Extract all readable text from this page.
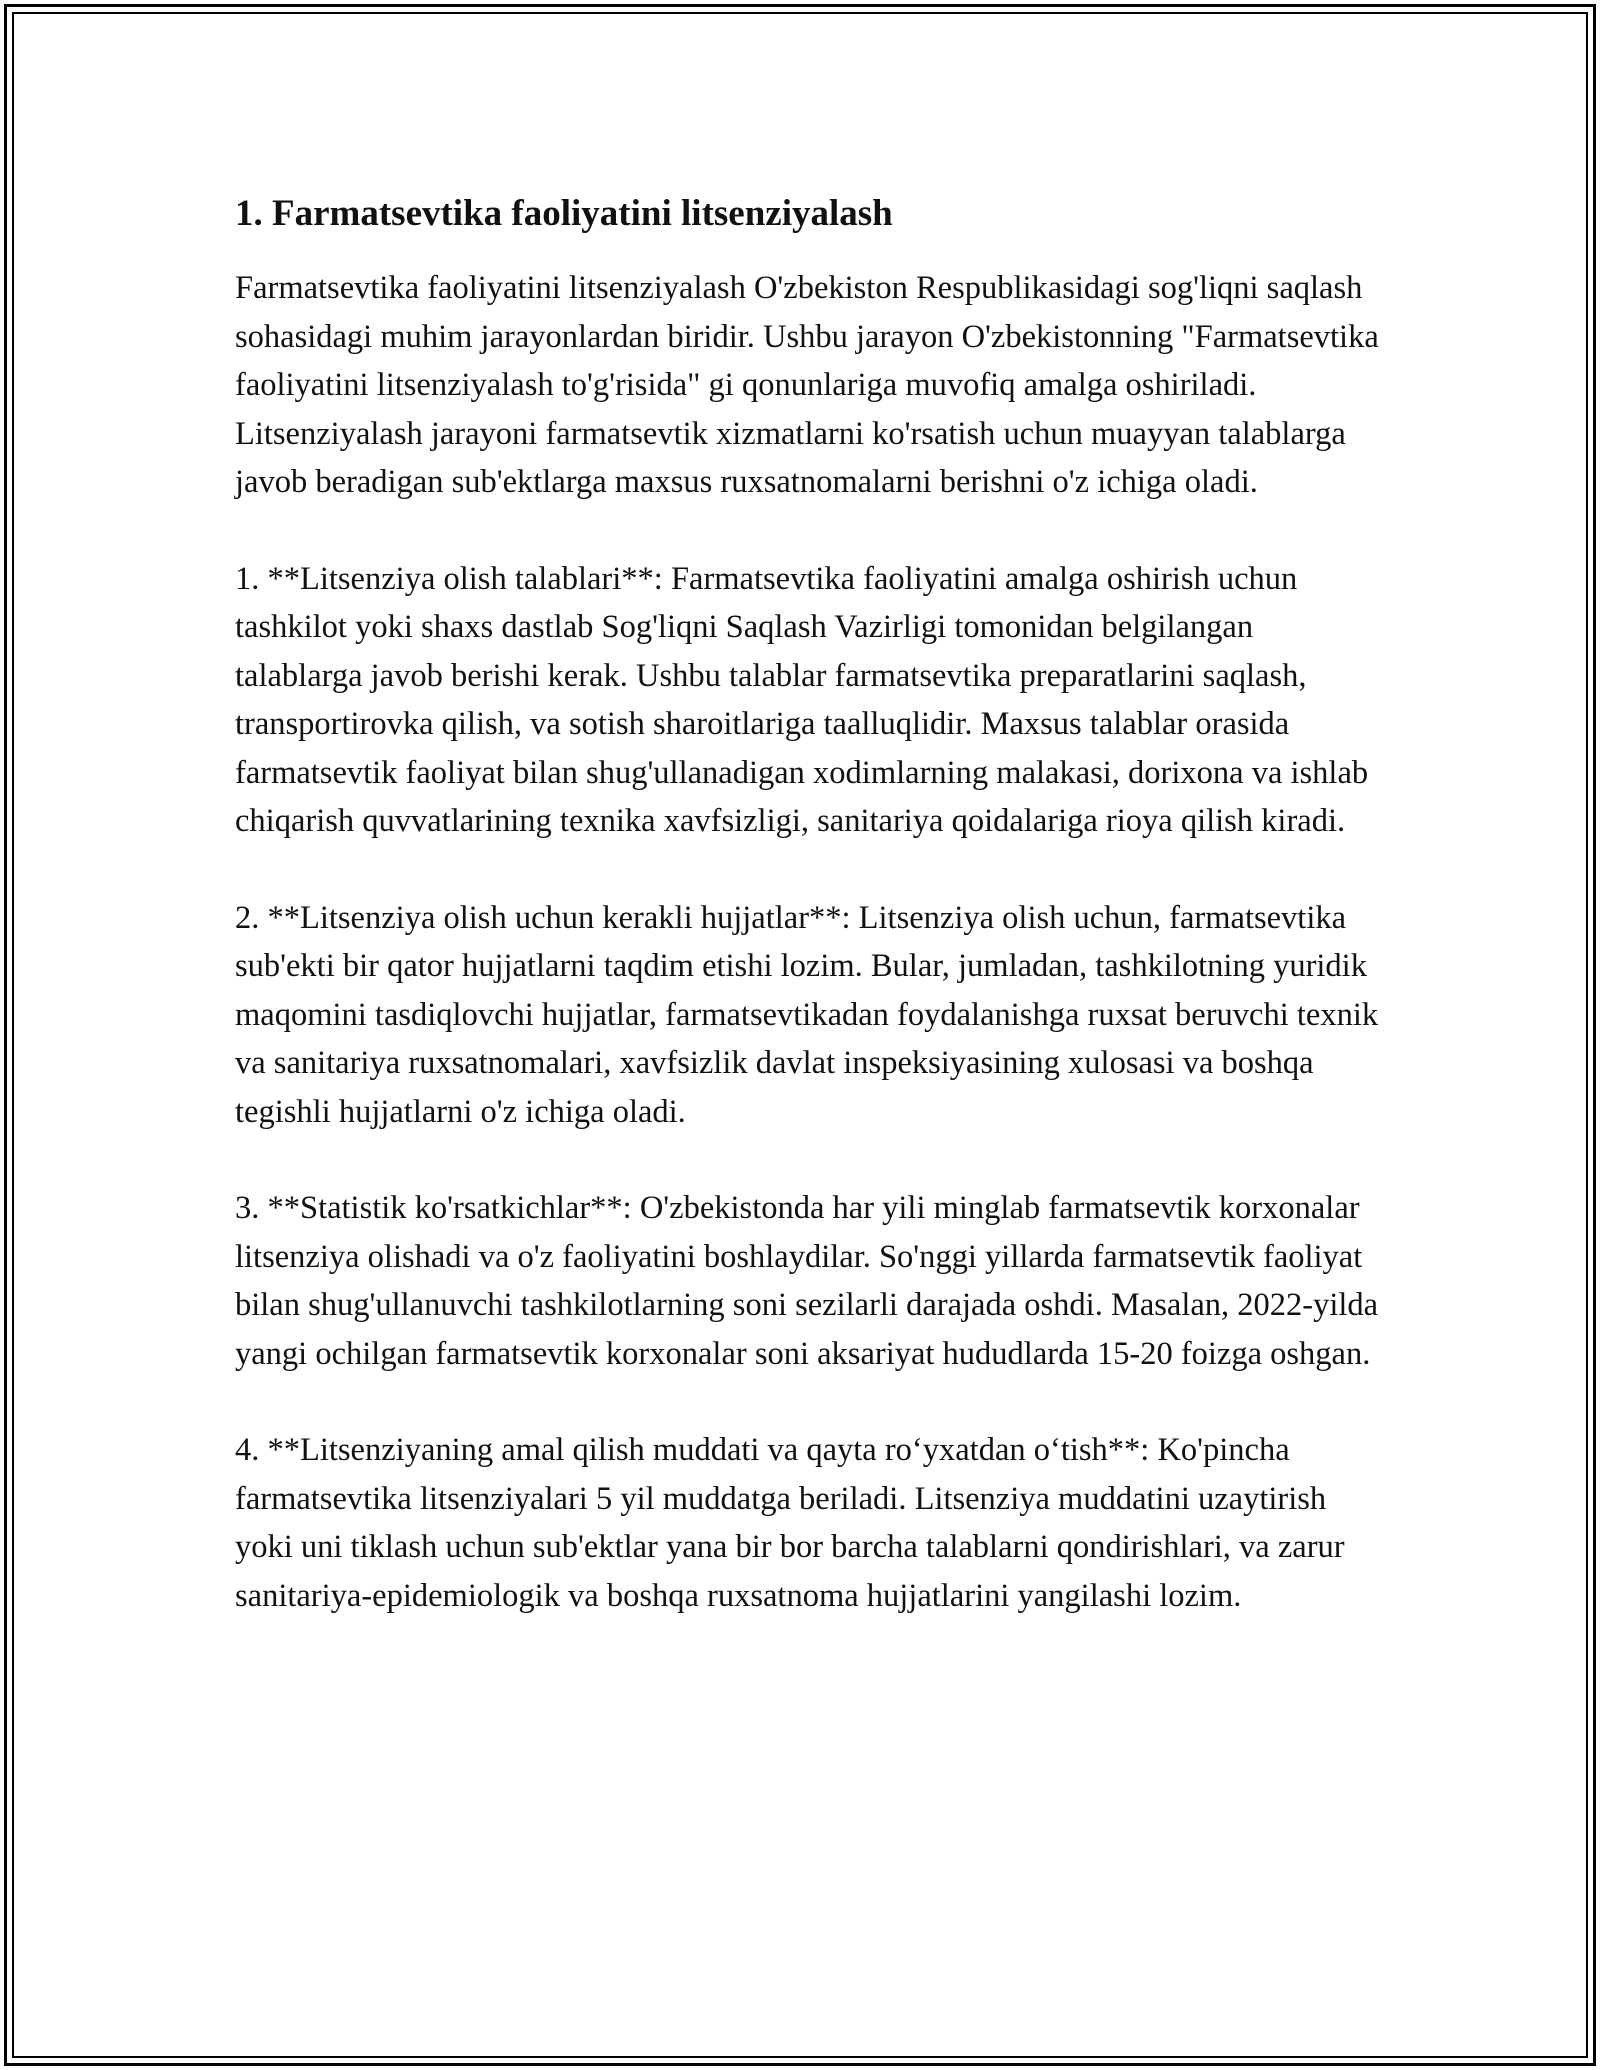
1. Farmatsevtika faoliyatini litsenziyalash

Farmatsevtika faoliyatini litsenziyalash O'zbekiston Respublikasidagi sog'liqni saqlash sohasidagi muhim jarayonlardan biridir. Ushbu jarayon O'zbekistonning "Farmatsevtika faoliyatini litsenziyalash to'g'risida" gi qonunlariga muvofiq amalga oshiriladi. Litsenziyalash jarayoni farmatsevtik xizmatlarni ko'rsatish uchun muayyan talablarga javob beradigan sub'ektlarga maxsus ruxsatnomalarni berishni o'z ichiga oladi.

1. **Litsenziya olish talablari**: Farmatsevtika faoliyatini amalga oshirish uchun tashkilot yoki shaxs dastlab Sog'liqni Saqlash Vazirligi tomonidan belgilangan talablarga javob berishi kerak. Ushbu talablar farmatsevtika preparatlarini saqlash, transportirovka qilish, va sotish sharoitlariga taalluqlidir. Maxsus talablar orasida farmatsevtik faoliyat bilan shug'ullanadigan xodimlarning malakasi, dorixona va ishlab chiqarish quvvatlarining texnika xavfsizligi, sanitariya qoidalariga rioya qilish kiradi.

2. **Litsenziya olish uchun kerakli hujjatlar**: Litsenziya olish uchun, farmatsevtika sub'ekti bir qator hujjatlarni taqdim etishi lozim. Bular, jumladan, tashkilotning yuridik maqomini tasdiqlovchi hujjatlar, farmatsevtikadan foydalanishga ruxsat beruvchi texnik va sanitariya ruxsatnomalari, xavfsizlik davlat inspeksiyasining xulosasi va boshqa tegishli hujjatlarni o'z ichiga oladi.

3. **Statistik ko'rsatkichlar**: O'zbekistonda har yili minglab farmatsevtik korxonalar litsenziya olishadi va o'z faoliyatini boshlaydilar. So'nggi yillarda farmatsevtik faoliyat bilan shug'ullanuvchi tashkilotlarning soni sezilarli darajada oshdi. Masalan, 2022-yilda yangi ochilgan farmatsevtik korxonalar soni aksariyat hududlarda 15-20 foizga oshgan.

4. **Litsenziyaning amal qilish muddati va qayta ro‘yxatdan o‘tish**: Ko'pincha farmatsevtika litsenziyalari 5 yil muddatga beriladi. Litsenziya muddatini uzaytirish yoki uni tiklash uchun sub'ektlar yana bir bor barcha talablarni qondirishlari, va zarur sanitariya-epidemiologik va boshqa ruxsatnoma hujjatlarini yangilashi lozim.
